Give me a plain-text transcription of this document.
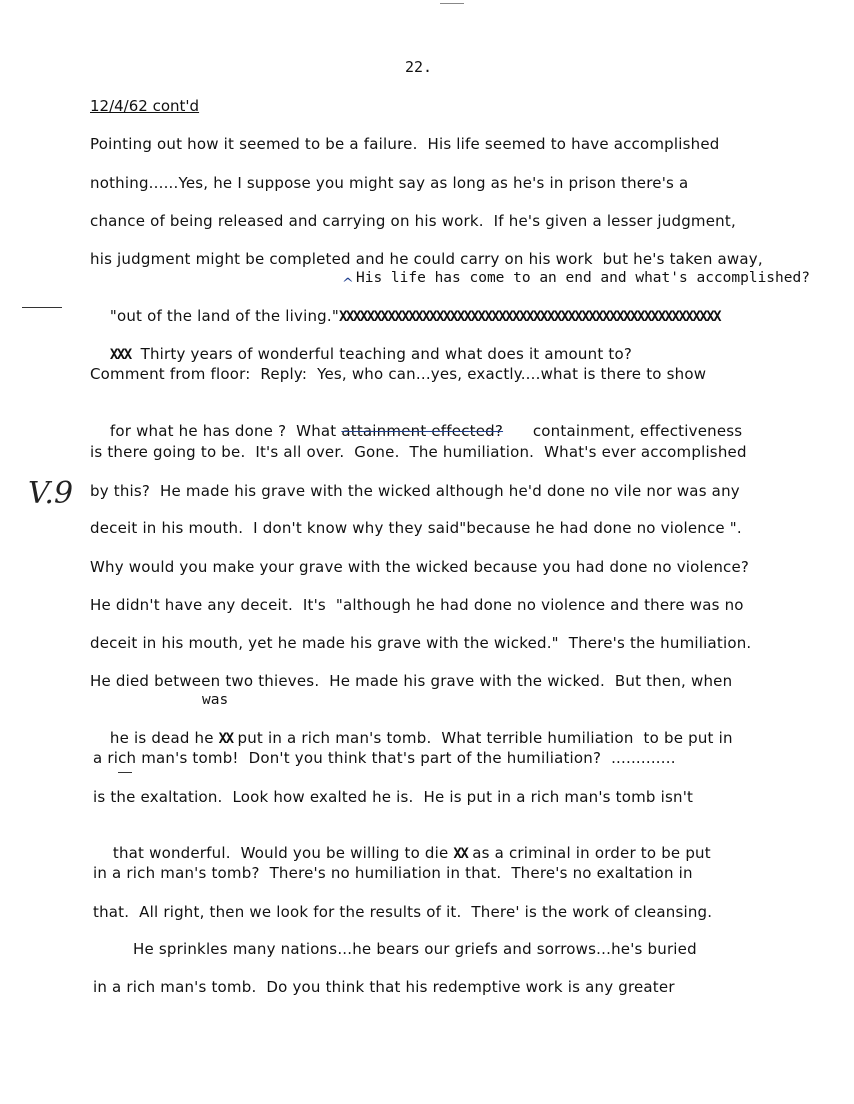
22.
12/4/62 cont'd
Pointing out how it seemed to be a failure.  His life seemed to have accomplished
nothing......Yes, he I suppose you might say as long as he's in prison there's a
chance of being released and carrying on his work.  If he's given a lesser judgment,
his judgment might be completed and he could carry on his work  but he's taken away,
His life has come to an end and what's accomplished?
^

"out of the land of the living."XXXXXXXXXXXXXXXXXXXXXXXXXXXXXXXXXXXXXXXXXXXXXXXXXXXXXXX

XXX Thirty years of wonderful teaching and what does it amount to?

Comment from floor:  Reply:  Yes, who can...yes, exactly....what is there to show

for what he has done ?  What attainment effected? containment, effectiveness

is there going to be.  It's all over.  Gone.  The humiliation.  What's ever accomplished
V.9 by this?  He made his grave with the wicked although he'd done no vile nor was any
deceit in his mouth.  I don't know why they said"because he had done no violence ".
Why would you make your grave with the wicked because you had done no violence?
He didn't have any deceit.  It's  "although he had done no violence and there was no
deceit in his mouth, yet he made his grave with the wicked."  There's the humiliation.
He died between two thieves.  He made his grave with the wicked.  But then, when
was

he is dead he XX put in a rich man's tomb.  What terrible humiliation  to be put in

a rich man's tomb!  Don't you think that's part of the humiliation?  .............
is the exaltation.  Look how exalted he is.  He is put in a rich man's tomb isn't

that wonderful.  Would you be willing to die XX as a criminal in order to be put

in a rich man's tomb?  There's no humiliation in that.  There's no exaltation in
that.  All right, then we look for the results of it.  There' is the work of cleansing.
He sprinkles many nations...he bears our griefs and sorrows...he's buried
in a rich man's tomb.  Do you think that his redemptive work is any greater
